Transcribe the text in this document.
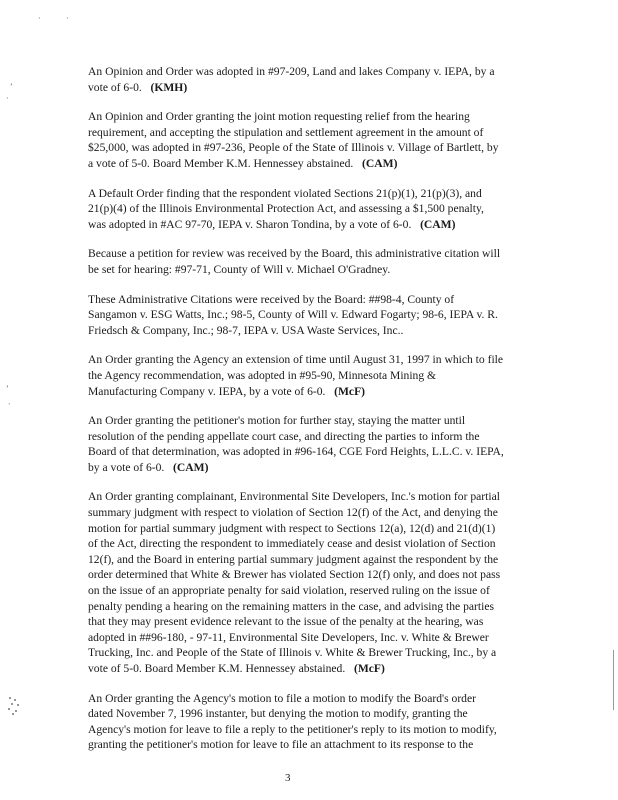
An Opinion and Order was adopted in #97-209, Land and lakes Company v. IEPA, by a
vote of 6-0. (KMH)

An Opinion and Order granting the joint motion requesting relief from the hearing
requirement, and accepting the stipulation and settlement agreement in the amount of
$25,000, was adopted in #97-236, People of the State of Illinois v. Village of Bartlett, by
a vote of 5-0. Board Member K.M. Hennessey abstained. (CAM)

A Default Order finding that the respondent violated Sections 21(p)(1), 21(p)(3), and
21(p)(4) of the Illinois Environmental Protection Act, and assessing a $1,500 penalty,
was adopted in #AC 97-70, IEPA v. Sharon Tondina, by a vote of 6-0. (CAM)

Because a petition for review was received by the Board, this administrative citation will
be set for hearing: #97-71, County of Will v. Michael O'Gradney.

These Administrative Citations were received by the Board: ##98-4, County of
Sangamon v. ESG Watts, Inc.; 98-5, County of Will v. Edward Fogarty; 98-6, IEPA v. R.
Friedsch & Company, Inc.; 98-7, IEPA v. USA Waste Services, Inc..

An Order granting the Agency an extension of time until August 31, 1997 in which to file
the Agency recommendation, was adopted in #95-90, Minnesota Mining &
Manufacturing Company v. IEPA, by a vote of 6-0. (McF)

An Order granting the petitioner's motion for further stay, staying the matter until
resolution of the pending appellate court case, and directing the parties to inform the
Board of that determination, was adopted in #96-164, CGE Ford Heights, L.L.C. v. IEPA,
by a vote of 6-0. (CAM)

An Order granting complainant, Environmental Site Developers, Inc.'s motion for partial
summary judgment with respect to violation of Section 12(f) of the Act, and denying the
motion for partial summary judgment with respect to Sections 12(a), 12(d) and 21(d)(1)
of the Act, directing the respondent to immediately cease and desist violation of Section
12(f), and the Board in entering partial summary judgment against the respondent by the
order determined that White & Brewer has violated Section 12(f) only, and does not pass
on the issue of an appropriate penalty for said violation, reserved ruling on the issue of
penalty pending a hearing on the remaining matters in the case, and advising the parties
that they may present evidence relevant to the issue of the penalty at the hearing, was
adopted in ##96-180, - 97-11, Environmental Site Developers, Inc. v. White & Brewer
Trucking, Inc. and People of the State of Illinois v. White & Brewer Trucking, Inc., by a
vote of 5-0. Board Member K.M. Hennessey abstained. (McF)

An Order granting the Agency's motion to file a motion to modify the Board's order
dated November 7, 1996 instanter, but denying the motion to modify, granting the
Agency's motion for leave to file a reply to the petitioner's reply to its motion to modify,
granting the petitioner's motion for leave to file an attachment to its response to the

3
·	·
ʼ
·
ʼ
ˋ
